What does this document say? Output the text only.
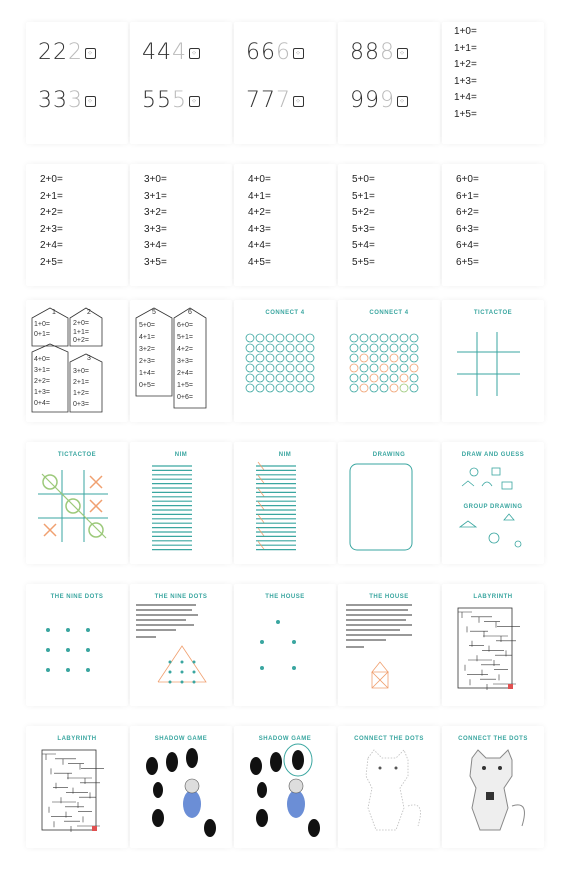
222 ⁘
333 ⁘
444 ⁘
555 ⁘
666 ⁘
777 ⁘
888 ⁘
999 ⁘
1+0=
1+1=
1+2=
1+3=
1+4=
1+5=
2+0=
2+1=
2+2=
2+3=
2+4=
2+5=
3+0=
3+1=
3+2=
3+3=
3+4=
3+5=
4+0=
4+1=
4+2=
4+3=
4+4=
4+5=
5+0=
5+1=
5+2=
5+3=
5+4=
5+5=
6+0=
6+1=
6+2=
6+3=
6+4=
6+5=
1
1+0=
0+1=
2
2+0=
1+1=
0+2=
4+0=
3+1=
2+2=
1+3=
0+4=
3
3+0=
2+1=
1+2=
0+3=
5
5+0=
4+1=
3+2=
2+3=
1+4=
0+5=
6
6+0=
5+1=
4+2=
3+3=
2+4=
1+5=
0+6=
CONNECT 4	CONNECT 4	TICTACTOE
TICTACTOE	NIM	NIM	DRAWING	DRAW AND GUESS
GROUP DRAWING
THE NINE DOTS	THE NINE DOTS	THE HOUSE	THE HOUSE	LABYRINTH
LABYRINTH	SHADOW GAME	SHADOW GAME	CONNECT THE DOTS	CONNECT THE DOTS
